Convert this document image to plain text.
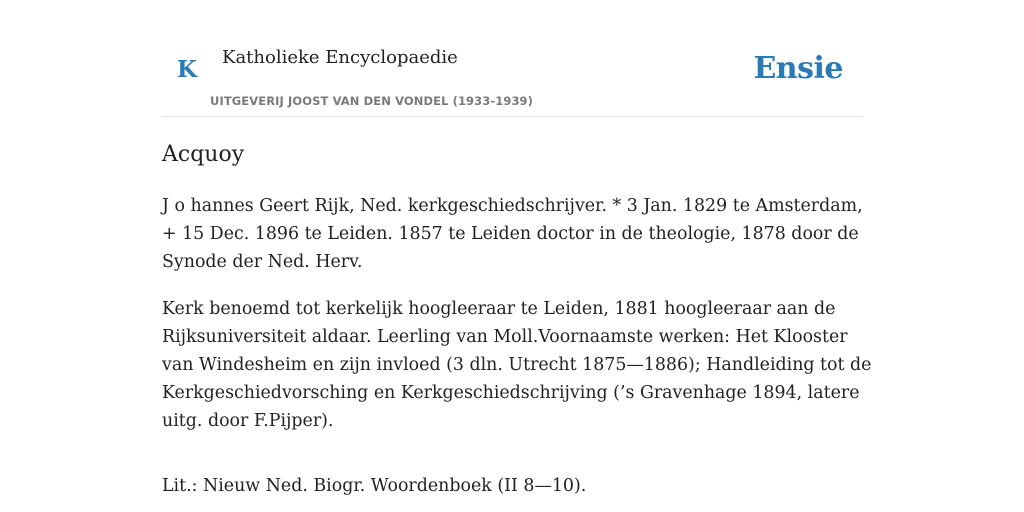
K Katholieke Encyclopaedie
UITGEVERIJ JOOST VAN DEN VONDEL (1933-1939)
Ensie
Acquoy

J o hannes Geert Rijk, Ned. kerkgeschiedschrijver. * 3 Jan. 1829 te Amsterdam, + 15 Dec. 1896 te Leiden. 1857 te Leiden doctor in de theologie, 1878 door de Synode der Ned. Herv.

Kerk benoemd tot kerkelijk hoogleeraar te Leiden, 1881 hoogleeraar aan de Rijksuniversiteit aldaar. Leerling van Moll.Voornaamste werken: Het Klooster van Windesheim en zijn invloed (3 dln. Utrecht 1875—1886); Handleiding tot de Kerkgeschiedvorsching en Kerkgeschiedschrijving (’s Gravenhage 1894, latere uitg. door F.Pijper).

Lit.: Nieuw Ned. Biogr. Woordenboek (II 8—10).
